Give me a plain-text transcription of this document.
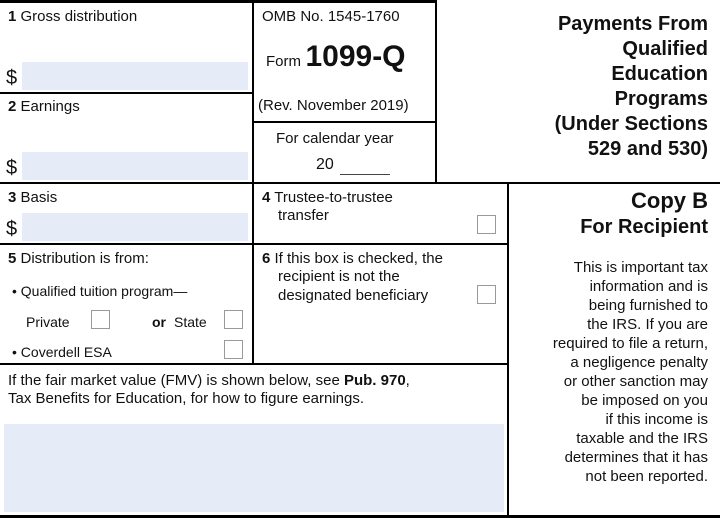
1 Gross distribution
$
2 Earnings
$
OMB No. 1545-1760
Form 1099-Q
(Rev. November 2019)
For calendar year
20
Payments From
Qualified
Education
Programs
(Under Sections
529 and 530)
3 Basis
$
4 Trustee-to-trustee
transfer
Copy B
For Recipient
5 Distribution is from:
• Qualified tuition program—
Private	or State
• Coverdell ESA
6 If this box is checked, the
recipient is not the
designated beneficiary
This is important tax
information and is
being furnished to
the IRS. If you are
required to file a return,
a negligence penalty
or other sanction may
be imposed on you
if this income is
taxable and the IRS
determines that it has
not been reported.
If the fair market value (FMV) is shown below, see Pub. 970,
Tax Benefits for Education, for how to figure earnings.
